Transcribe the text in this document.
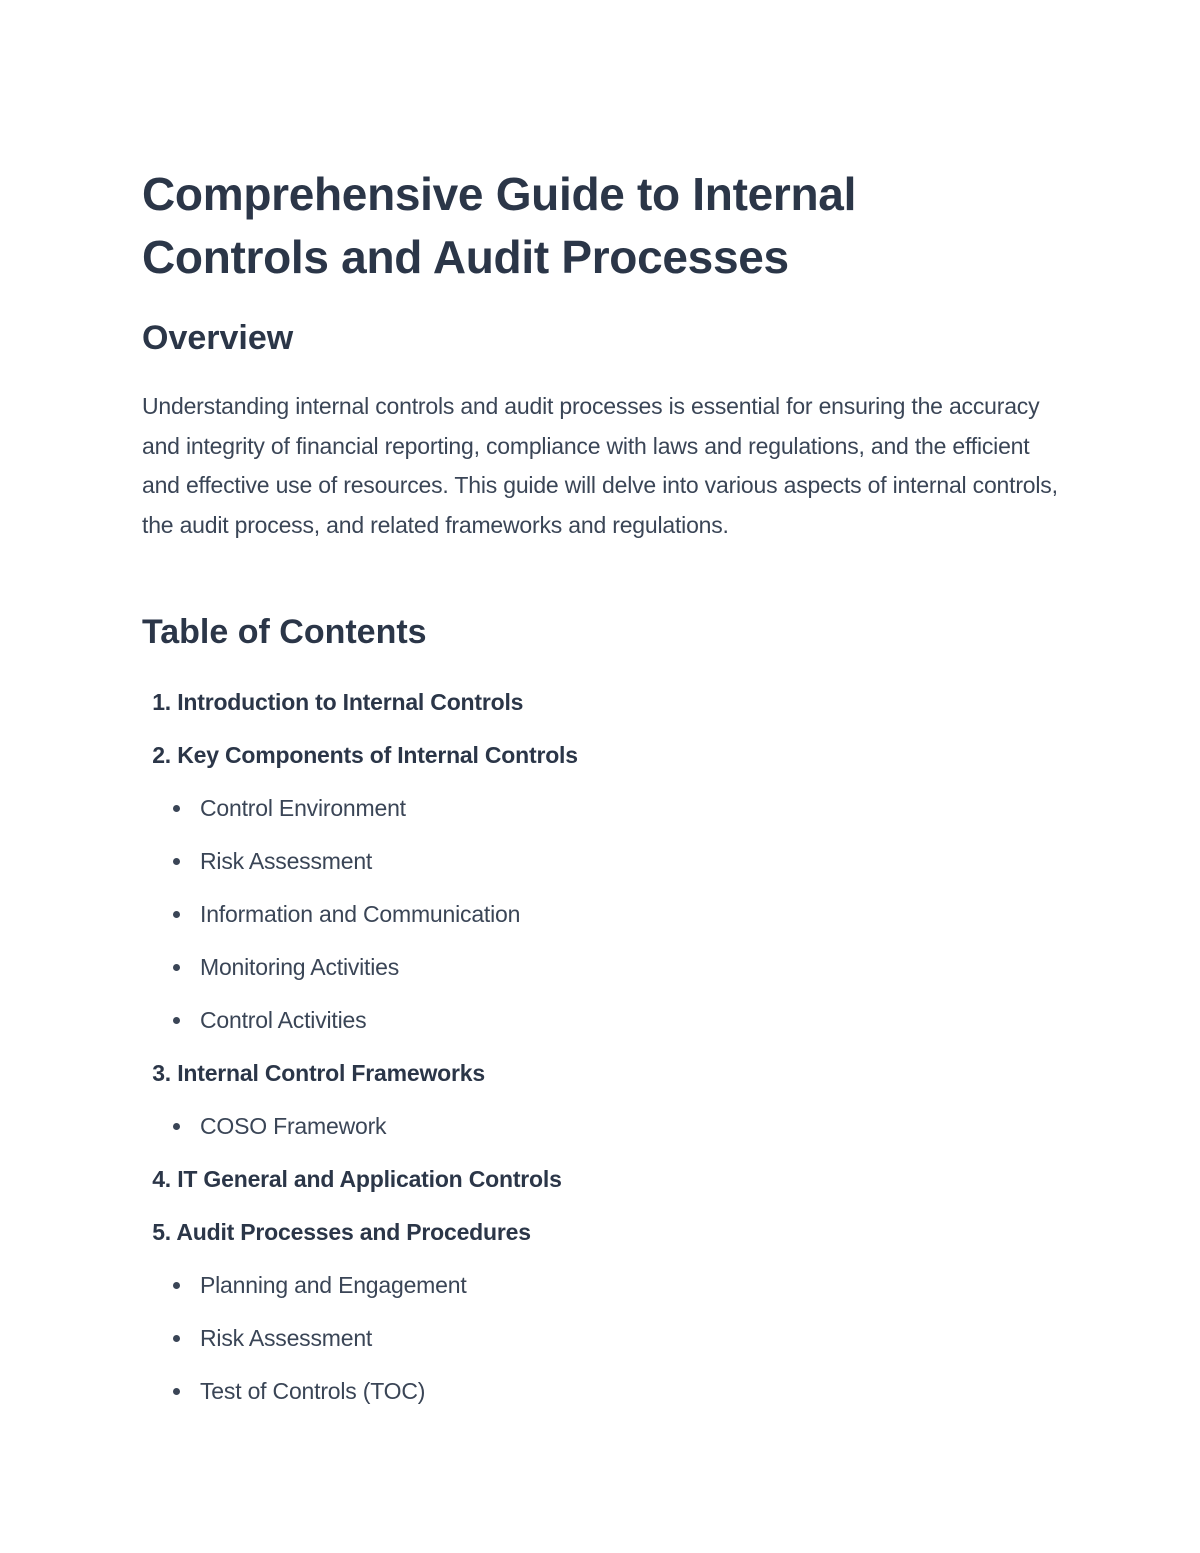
Comprehensive Guide to Internal Controls and Audit Processes
Overview

Understanding internal controls and audit processes is essential for ensuring the accuracy and integrity of financial reporting, compliance with laws and regulations, and the efficient and effective use of resources. This guide will delve into various aspects of internal controls, the audit process, and related frameworks and regulations.

Table of Contents
1. Introduction to Internal Controls
2. Key Components of Internal Controls
Control Environment
Risk Assessment
Information and Communication
Monitoring Activities
Control Activities
3. Internal Control Frameworks
COSO Framework
4. IT General and Application Controls
5. Audit Processes and Procedures
Planning and Engagement
Risk Assessment
Test of Controls (TOC)
